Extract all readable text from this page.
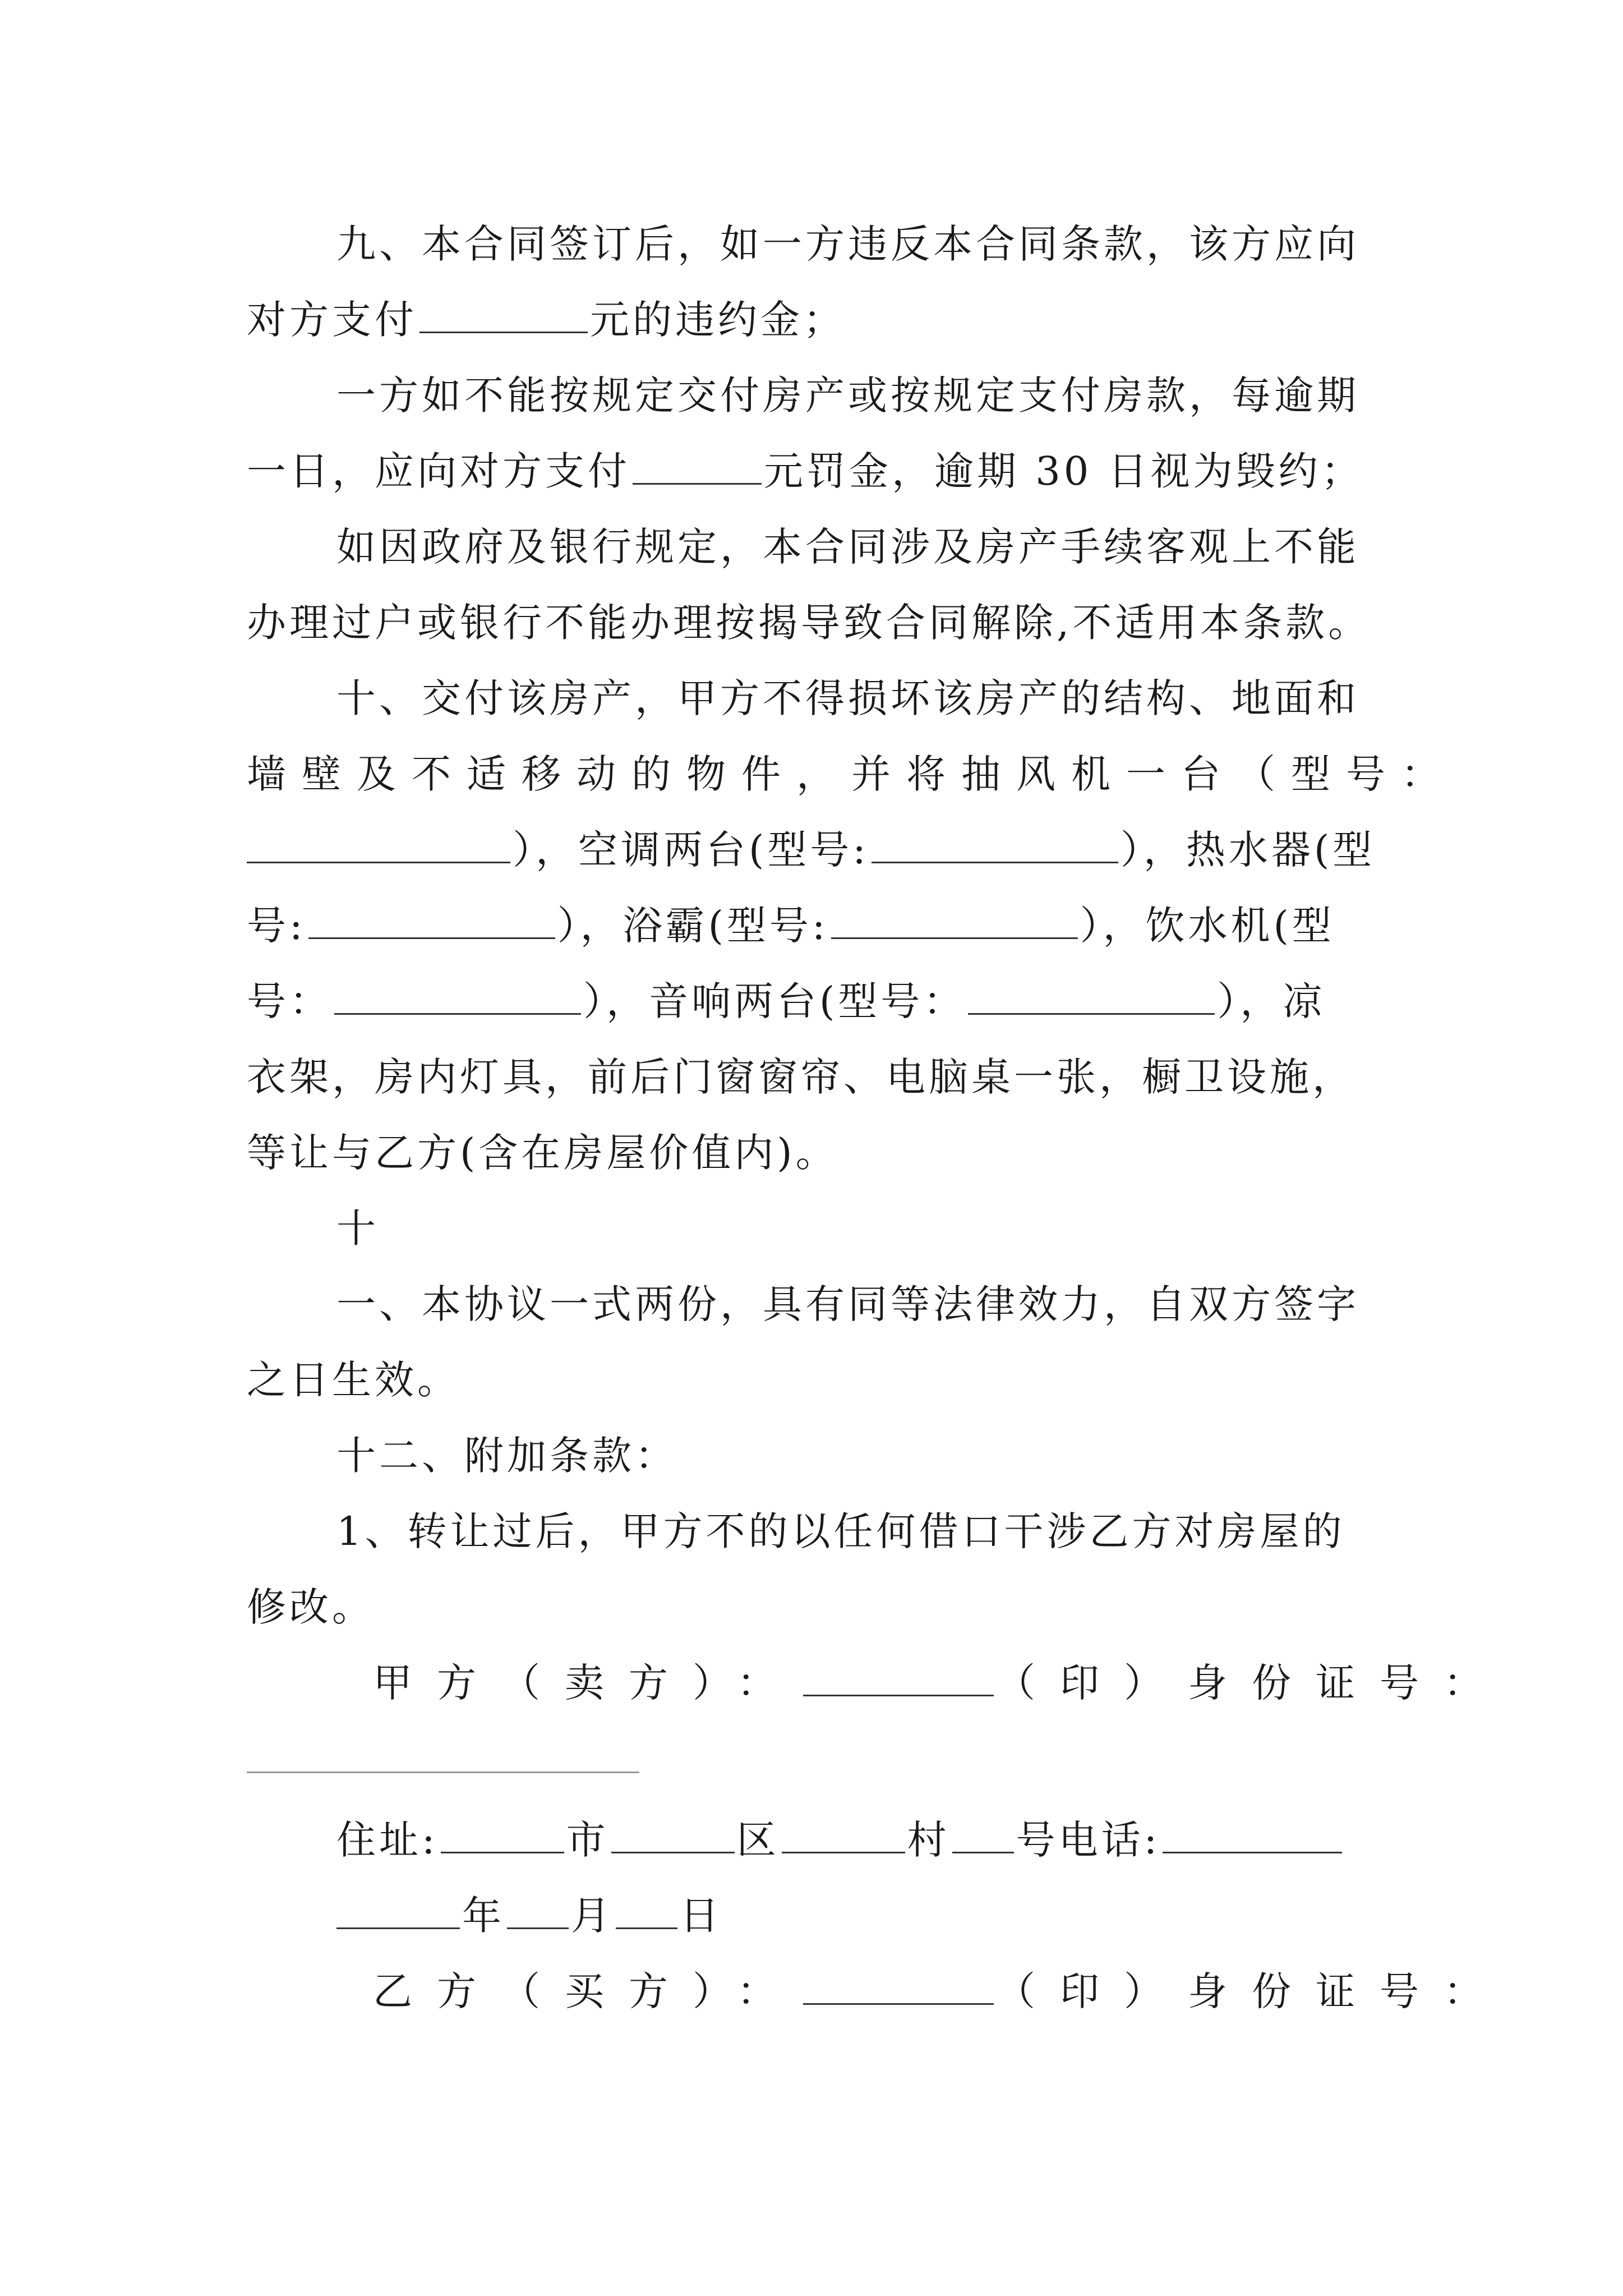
九、本合同签订后，如一方违反本合同条款，该方应向
对方支付	元的违约金；
一方如不能按规定交付房产或按规定支付房款，每逾期
一日，应向对方支付	元罚金，逾期 30 日视为毁约；
如因政府及银行规定，本合同涉及房产手续客观上不能
办理过户或银行不能办理按揭导致合同解除,不适用本条款。
十、交付该房产，甲方不得损坏该房产的结构、地面和
墙壁及不适移动的物件，并将抽风机一台（型号：
），空调两台(型号:	），热水器(型
号:	），浴霸(型号:	），饮水机(型
号：	），音响两台(型号：	），凉
衣架，房内灯具，前后门窗窗帘、电脑桌一张，橱卫设施，
等让与乙方(含在房屋价值内)。
十
一、本协议一式两份，具有同等法律效力，自双方签字
之日生效。
十二、附加条款：
1、转让过后，甲方不的以任何借口干涉乙方对房屋的
修改。
甲方（卖方）：	（印）身份证号：
住址:	市	区	村 号电话:
年 月 日
乙方（买方）：	（印）身份证号：
